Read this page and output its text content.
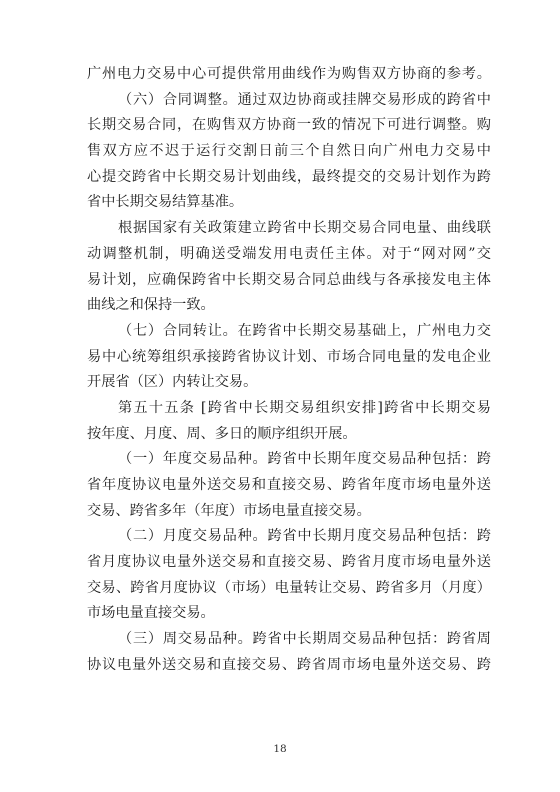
广州电力交易中心可提供常用曲线作为购售双方协商的参考。
（六）合同调整。通过双边协商或挂牌交易形成的跨省中
长期交易合同，在购售双方协商一致的情况下可进行调整。购
售双方应不迟于运行交割日前三个自然日向广州电力交易中
心提交跨省中长期交易计划曲线，最终提交的交易计划作为跨
省中长期交易结算基准。
根据国家有关政策建立跨省中长期交易合同电量、曲线联
动调整机制，明确送受端发用电责任主体。对于“网对网”交
易计划，应确保跨省中长期交易合同总曲线与各承接发电主体
曲线之和保持一致。
（七）合同转让。在跨省中长期交易基础上，广州电力交
易中心统筹组织承接跨省协议计划、市场合同电量的发电企业
开展省（区）内转让交易。
第五十五条 [跨省中长期交易组织安排]跨省中长期交易
按年度、月度、周、多日的顺序组织开展。
（一）年度交易品种。跨省中长期年度交易品种包括：跨
省年度协议电量外送交易和直接交易、跨省年度市场电量外送
交易、跨省多年（年度）市场电量直接交易。
（二）月度交易品种。跨省中长期月度交易品种包括：跨
省月度协议电量外送交易和直接交易、跨省月度市场电量外送
交易、跨省月度协议（市场）电量转让交易、跨省多月（月度）
市场电量直接交易。
（三）周交易品种。跨省中长期周交易品种包括：跨省周
协议电量外送交易和直接交易、跨省周市场电量外送交易、跨
18
